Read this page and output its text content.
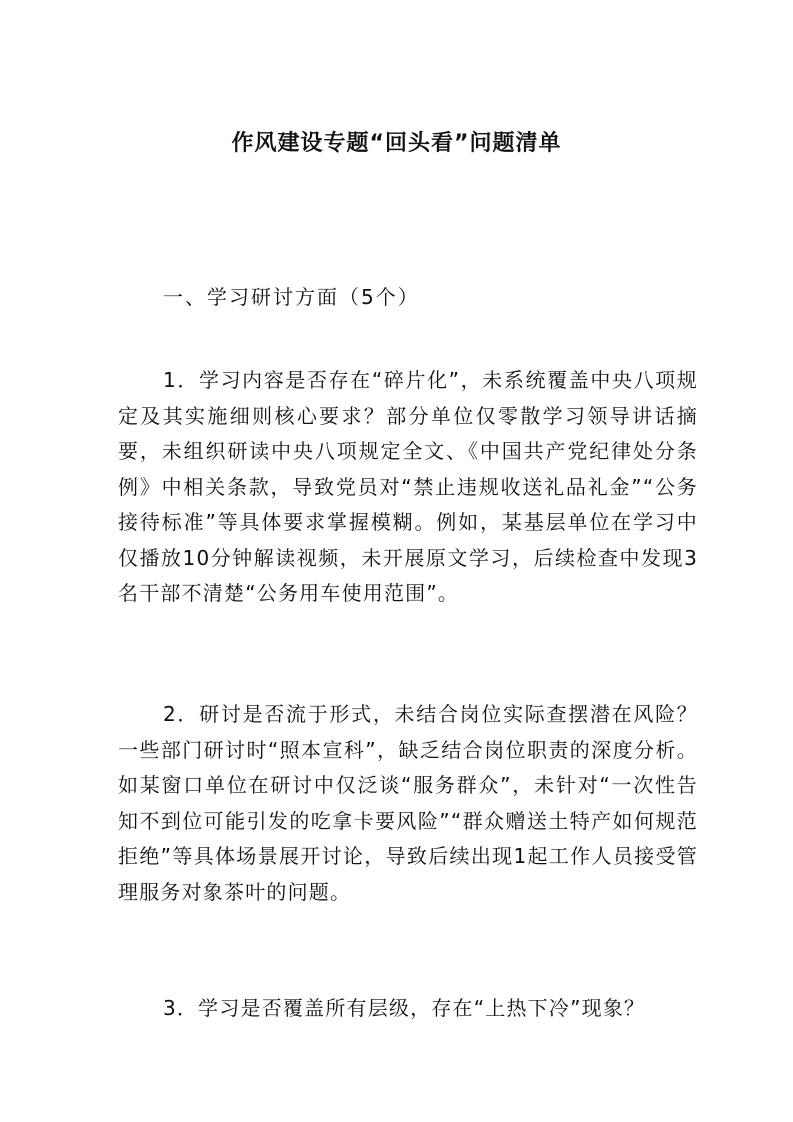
作风建设专题“回头看”问题清单
一、学习研讨方面（5个）

1．学习内容是否存在“碎片化”，未系统覆盖中央八项规定及其实施细则核心要求？部分单位仅零散学习领导讲话摘要，未组织研读中央八项规定全文、《中国共产党纪律处分条例》中相关条款，导致党员对“禁止违规收送礼品礼金”“公务接待标准”等具体要求掌握模糊。例如，某基层单位在学习中仅播放10分钟解读视频，未开展原文学习，后续检查中发现3名干部不清楚“公务用车使用范围”。

2．研讨是否流于形式，未结合岗位实际查摆潜在风险？一些部门研讨时“照本宣科”，缺乏结合岗位职责的深度分析。如某窗口单位在研讨中仅泛谈“服务群众”，未针对“一次性告知不到位可能引发的吃拿卡要风险”“群众赠送土特产如何规范拒绝”等具体场景展开讨论，导致后续出现1起工作人员接受管理服务对象茶叶的问题。

3．学习是否覆盖所有层级，存在“上热下冷”现象？
